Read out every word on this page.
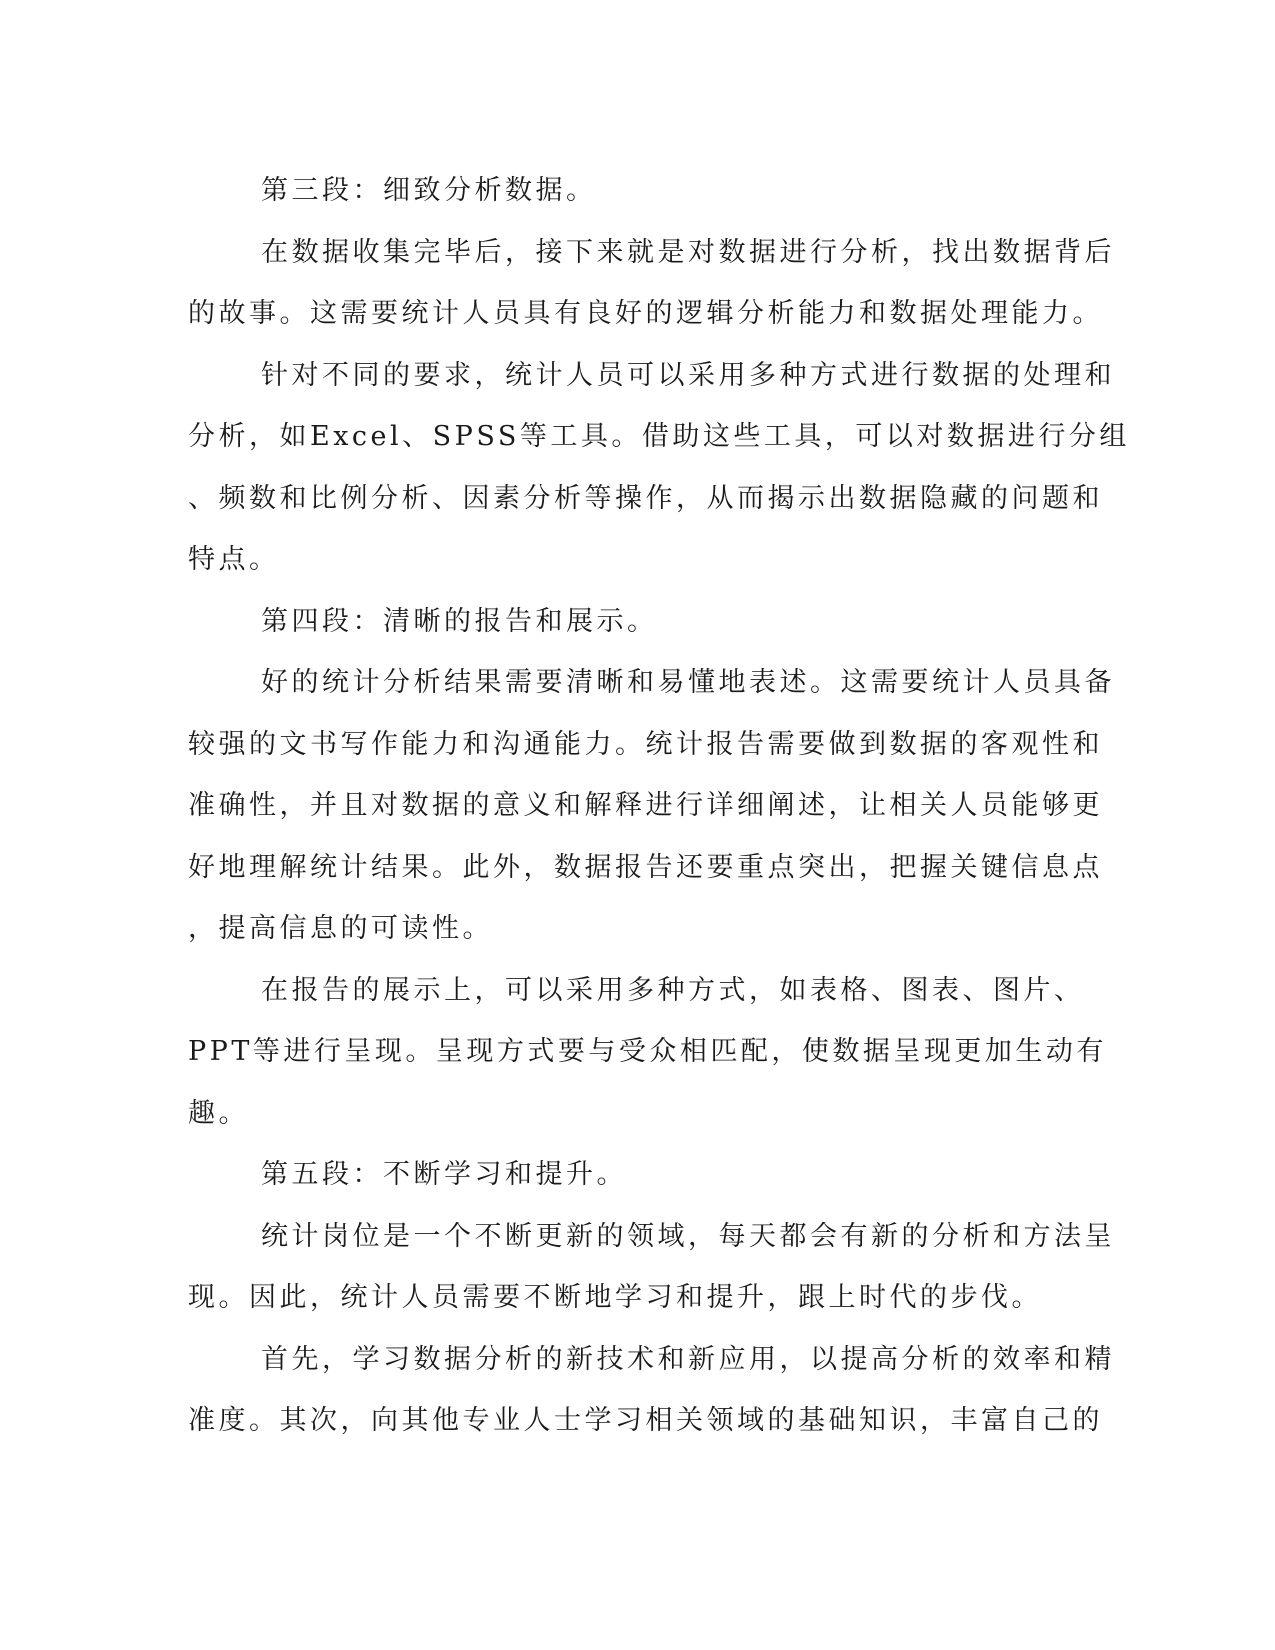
第三段：细致分析数据。
在数据收集完毕后，接下来就是对数据进行分析，找出数据背后
的故事。这需要统计人员具有良好的逻辑分析能力和数据处理能力。
针对不同的要求，统计人员可以采用多种方式进行数据的处理和
分析，如Excel、SPSS等工具。借助这些工具，可以对数据进行分组
、频数和比例分析、因素分析等操作，从而揭示出数据隐藏的问题和
特点。
第四段：清晰的报告和展示。
好的统计分析结果需要清晰和易懂地表述。这需要统计人员具备
较强的文书写作能力和沟通能力。统计报告需要做到数据的客观性和
准确性，并且对数据的意义和解释进行详细阐述，让相关人员能够更
好地理解统计结果。此外，数据报告还要重点突出，把握关键信息点
，提高信息的可读性。
在报告的展示上，可以采用多种方式，如表格、图表、图片、
PPT等进行呈现。呈现方式要与受众相匹配，使数据呈现更加生动有
趣。
第五段：不断学习和提升。
统计岗位是一个不断更新的领域，每天都会有新的分析和方法呈
现。因此，统计人员需要不断地学习和提升，跟上时代的步伐。
首先，学习数据分析的新技术和新应用，以提高分析的效率和精
准度。其次，向其他专业人士学习相关领域的基础知识，丰富自己的
